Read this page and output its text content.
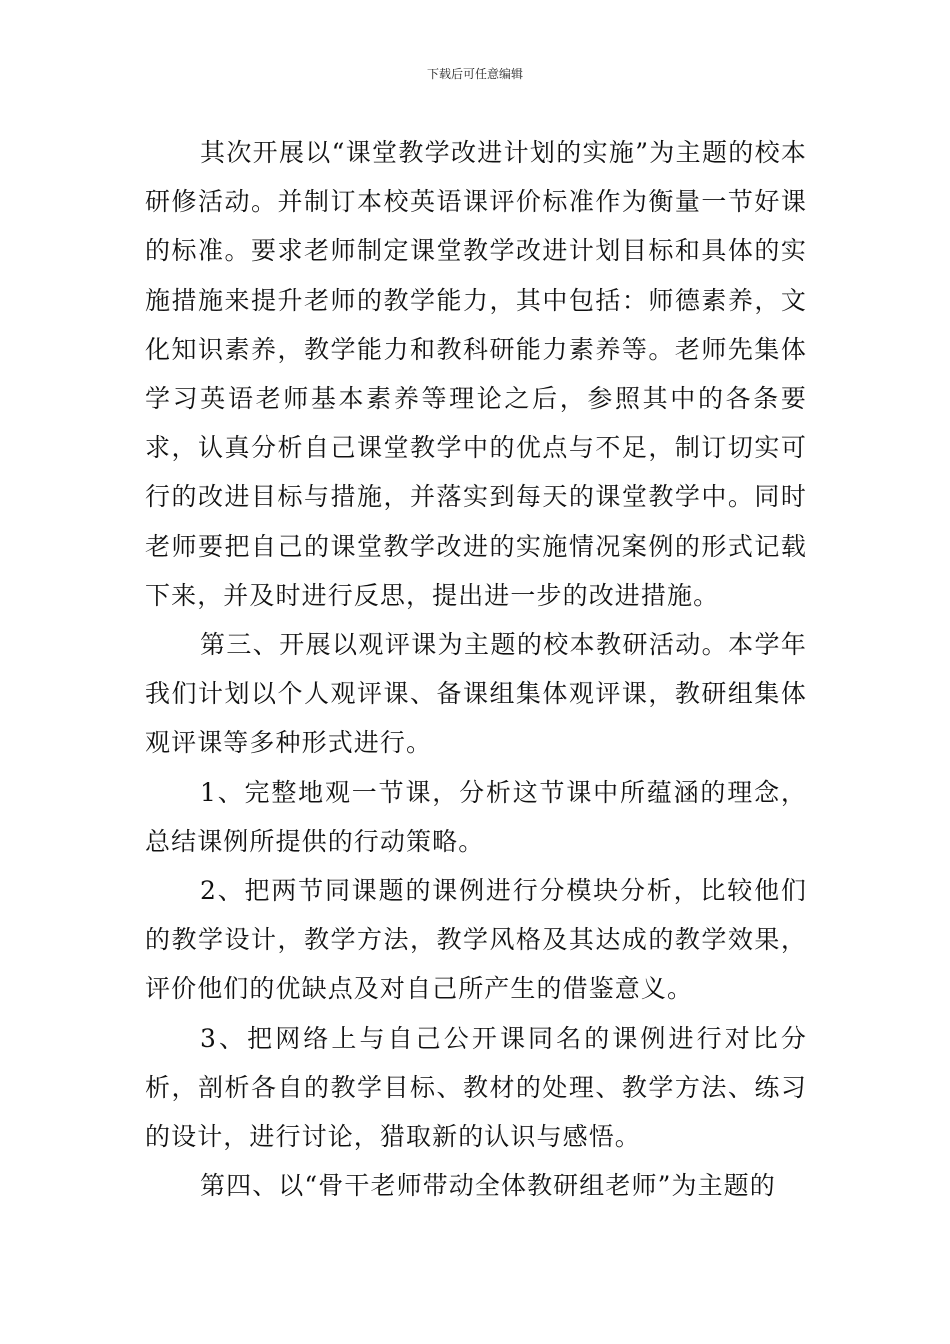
下载后可任意编辑

其次开展以“课堂教学改进计划的实施”为主题的校本研修活动。并制订本校英语课评价标准作为衡量一节好课的标准。要求老师制定课堂教学改进计划目标和具体的实施措施来提升老师的教学能力，其中包括：师德素养，文化知识素养，教学能力和教科研能力素养等。老师先集体学习英语老师基本素养等理论之后，参照其中的各条要求，认真分析自己课堂教学中的优点与不足，制订切实可行的改进目标与措施，并落实到每天的课堂教学中。同时老师要把自己的课堂教学改进的实施情况案例的形式记载下来，并及时进行反思，提出进一步的改进措施。

第三、开展以观评课为主题的校本教研活动。本学年我们计划以个人观评课、备课组集体观评课，教研组集体观评课等多种形式进行。

1、完整地观一节课，分析这节课中所蕴涵的理念，总结课例所提供的行动策略。

2、把两节同课题的课例进行分模块分析，比较他们的教学设计，教学方法，教学风格及其达成的教学效果，评价他们的优缺点及对自己所产生的借鉴意义。

3、把网络上与自己公开课同名的课例进行对比分析，剖析各自的教学目标、教材的处理、教学方法、练习的设计，进行讨论，猎取新的认识与感悟。

第四、以“骨干老师带动全体教研组老师”为主题的
